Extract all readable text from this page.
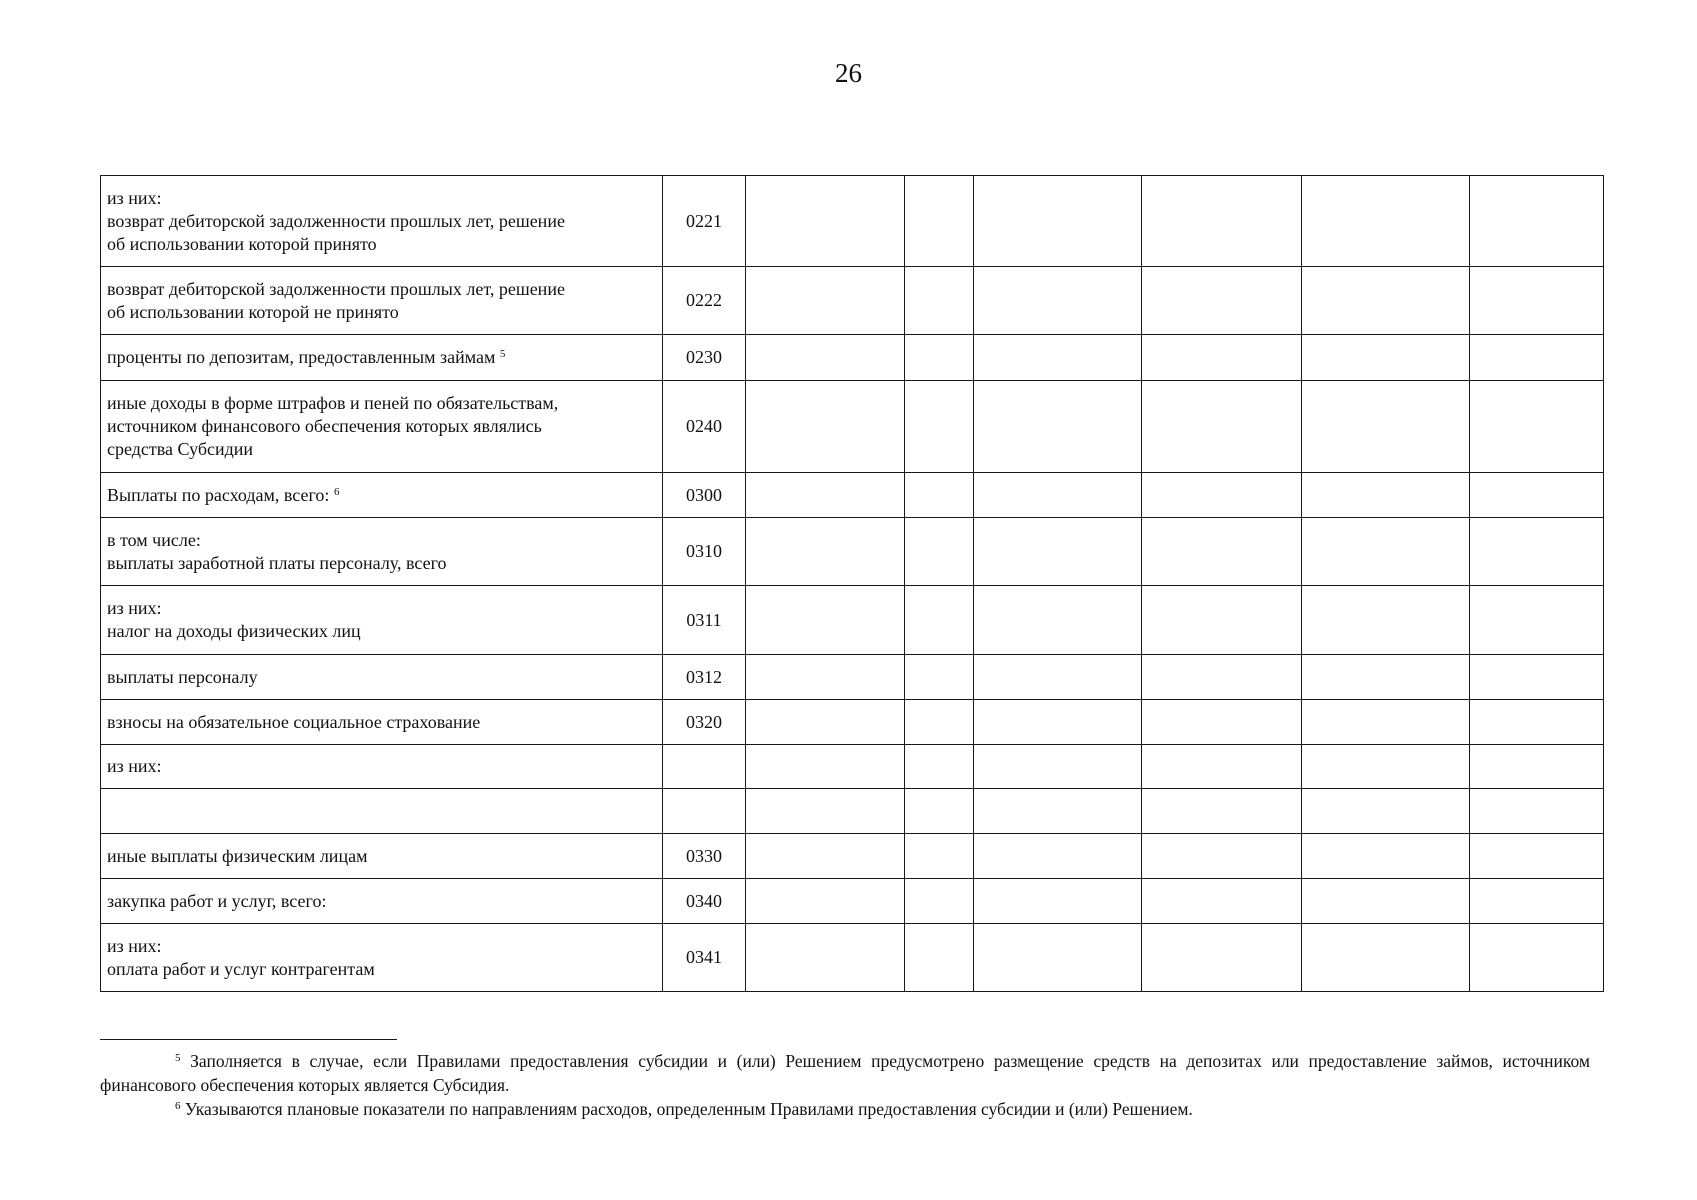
26
из них:
возврат дебиторской задолженности прошлых лет, решение
об использовании которой принято	0221						

возврат дебиторской задолженности прошлых лет, решение
об использовании которой не принято	0222						

проценты по депозитам, предоставленным займам $^5$	0230						

иные доходы в форме штрафов и пеней по обязательствам,
источником финансового обеспечения которых являлись
средства Субсидии	0240						

Выплаты по расходам, всего: $^6$	0300						

в том числе:
выплаты заработной платы персоналу, всего	0310						

из них:
налог на доходы физических лиц	0311						

выплаты персоналу	0312						

взносы на обязательное социальное страхование	0320						

из них:							

иные выплаты физическим лицам	0330						

закупка работ и услуг, всего:	0340						

из них:
оплата работ и услуг контрагентам	0341						

$^5$ Заполняется в случае, если Правилами предоставления субсидии и (или) Решением предусмотрено размещение средств на депозитах или предоставление займов, источником финансового обеспечения которых является Субсидия.

$^6$ Указываются плановые показатели по направлениям расходов, определенным Правилами предоставления субсидии и (или) Решением.
